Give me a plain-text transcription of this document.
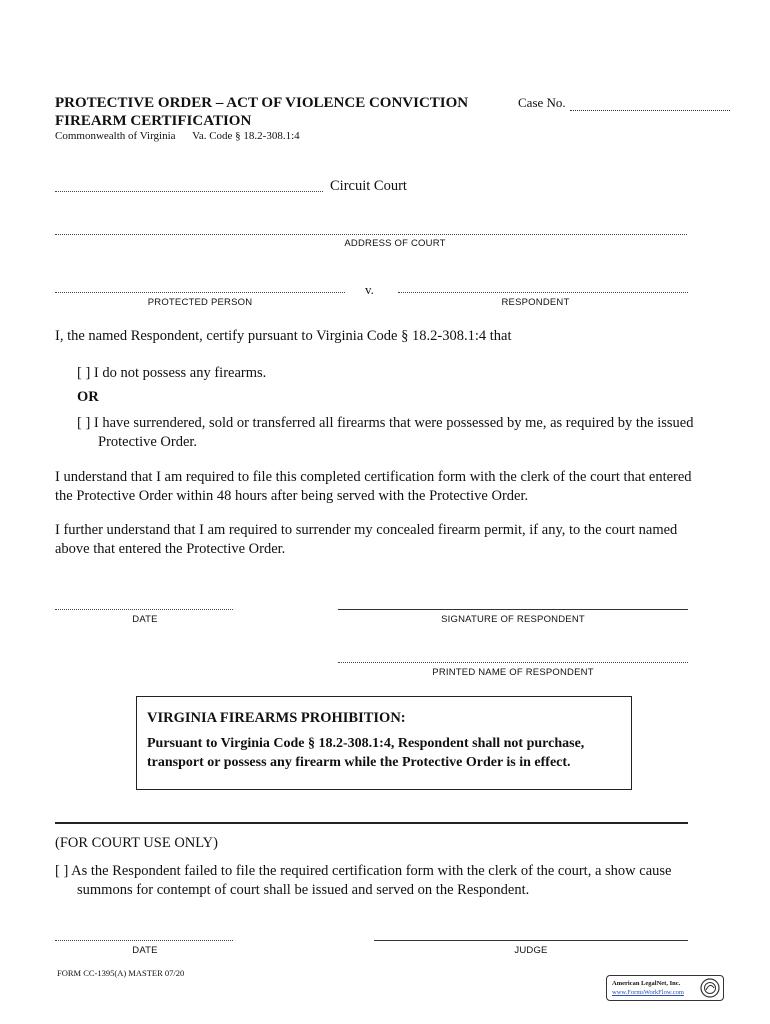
PROTECTIVE ORDER – ACT OF VIOLENCE CONVICTION
FIREARM CERTIFICATION
Case No.
Commonwealth of Virginia Va. Code § 18.2-308.1:4
Circuit Court
ADDRESS OF COURT
v.
PROTECTED PERSON	RESPONDENT
I, the named Respondent, certify pursuant to Virginia Code § 18.2-308.1:4 that
[ ] I do not possess any firearms.
OR
[ ] I have surrendered, sold or transferred all firearms that were possessed by me, as required by the issued
Protective Order.
I understand that I am required to file this completed certification form with the clerk of the court that entered
the Protective Order within 48 hours after being served with the Protective Order.
I further understand that I am required to surrender my concealed firearm permit, if any, to the court named
above that entered the Protective Order.
DATE	SIGNATURE OF RESPONDENT
PRINTED NAME OF RESPONDENT
VIRGINIA FIREARMS PROHIBITION:
Pursuant to Virginia Code § 18.2-308.1:4, Respondent shall not purchase,
transport or possess any firearm while the Protective Order is in effect.
(FOR COURT USE ONLY)
[ ] As the Respondent failed to file the required certification form with the clerk of the court, a show cause
summons for contempt of court shall be issued and served on the Respondent.
DATE	JUDGE
FORM CC-1395(A) MASTER 07/20
American LegalNet, Inc.
www.FormsWorkFlow.com
